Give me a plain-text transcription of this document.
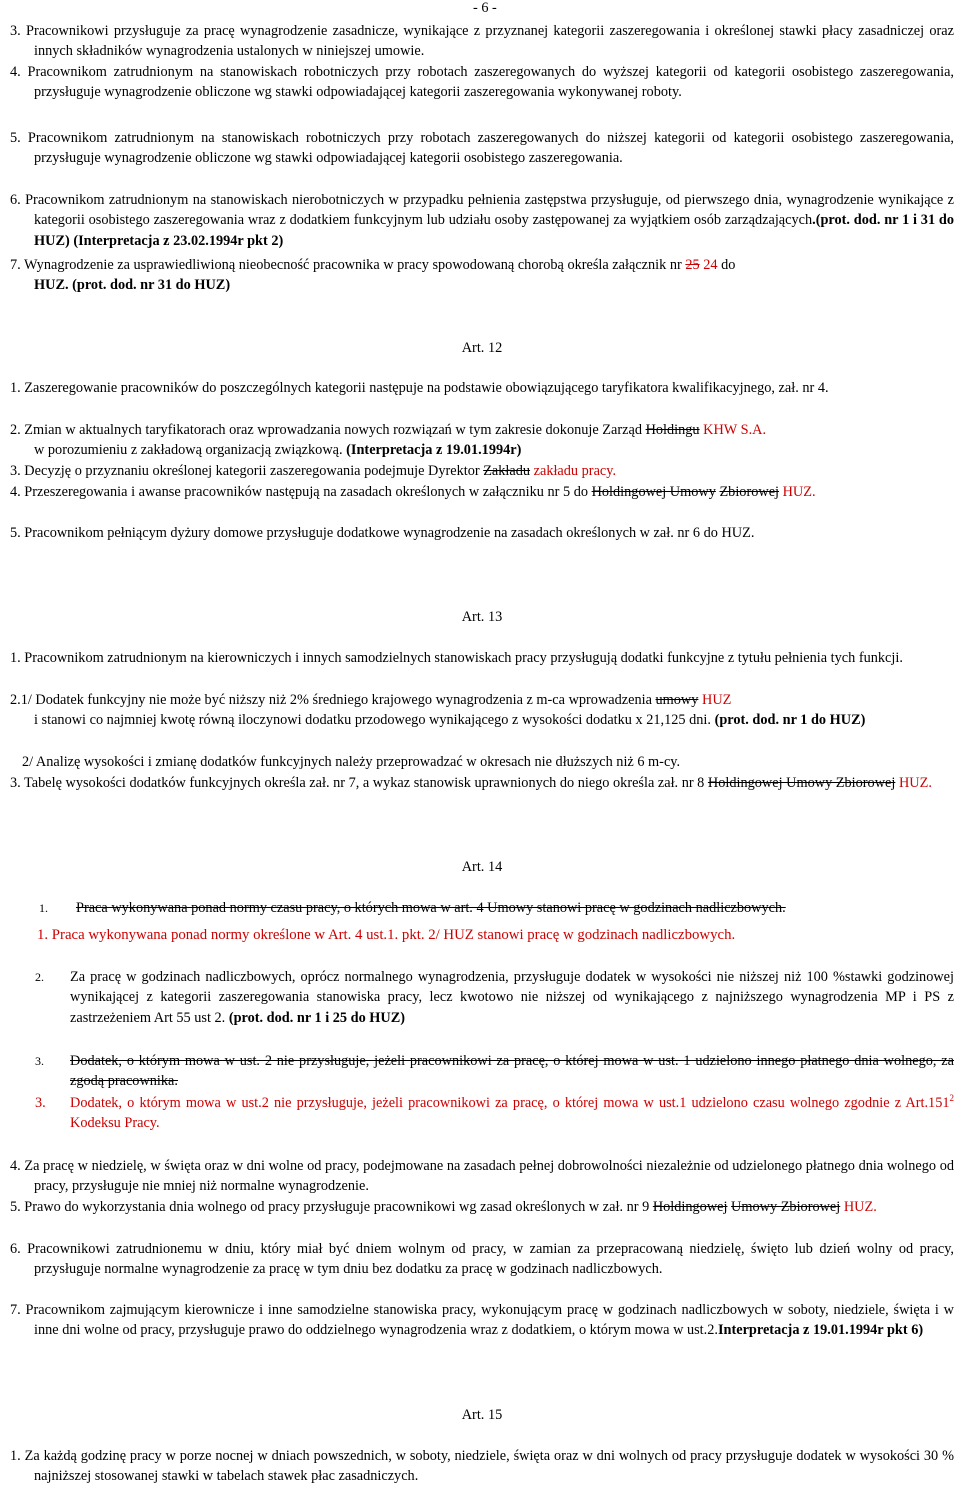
- 6 -

3. Pracownikowi przysługuje za pracę wynagrodzenie zasadnicze, wynikające z przyznanej kategorii zaszeregowania i określonej stawki płacy zasadniczej oraz innych składników wynagrodzenia ustalonych w niniejszej umowie.

4. Pracownikom zatrudnionym na stanowiskach robotniczych przy robotach zaszeregowanych do wyższej kategorii od kategorii osobistego zaszeregowania, przysługuje wynagrodzenie obliczone wg stawki odpowiadającej kategorii zaszeregowania wykonywanej roboty.

5. Pracownikom zatrudnionym na stanowiskach robotniczych przy robotach zaszeregowanych do niższej kategorii od kategorii osobistego zaszeregowania, przysługuje wynagrodzenie obliczone wg stawki odpowiadającej kategorii osobistego zaszeregowania.

6. Pracownikom zatrudnionym na stanowiskach nierobotniczych w przypadku pełnienia zastępstwa przysługuje, od pierwszego dnia, wynagrodzenie wynikające z kategorii osobistego zaszeregowania wraz z dodatkiem funkcyjnym lub udziału osoby zastępowanej za wyjątkiem osób zarządzających.(prot. dod. nr 1 i 31 do HUZ) (Interpretacja z 23.02.1994r pkt 2)

7. Wynagrodzenie za usprawiedliwioną nieobecność pracownika w pracy spowodowaną chorobą określa załącznik nr 25 24 do
HUZ. (prot. dod. nr 31 do HUZ)

Art. 12

1. Zaszeregowanie pracowników do poszczególnych kategorii następuje na podstawie obowiązującego taryfikatora kwalifikacyjnego, zał. nr 4.

2. Zmian w aktualnych taryfikatorach oraz wprowadzania nowych rozwiązań w tym zakresie dokonuje Zarząd Holdingu KHW S.A.
w porozumieniu z zakładową organizacją związkową. (Interpretacja z 19.01.1994r)

3. Decyzję o przyznaniu określonej kategorii zaszeregowania podejmuje Dyrektor Zakładu zakładu pracy.

4. Przeszeregowania i awanse pracowników następują na zasadach określonych w załączniku nr 5 do Holdingowej Umowy Zbiorowej HUZ.

5. Pracownikom pełniącym dyżury domowe przysługuje dodatkowe wynagrodzenie na zasadach określonych w zał. nr 6 do HUZ.

Art. 13

1. Pracownikom zatrudnionym na kierowniczych i innych samodzielnych stanowiskach pracy przysługują dodatki funkcyjne z tytułu pełnienia tych funkcji.

2.1/ Dodatek funkcyjny nie może być niższy niż 2% średniego krajowego wynagrodzenia z m-ca wprowadzenia umowy HUZ
i stanowi co najmniej kwotę równą iloczynowi dodatku przodowego wynikającego z wysokości dodatku x 21,125 dni. (prot. dod. nr 1 do HUZ)

2/ Analizę wysokości i zmianę dodatków funkcyjnych należy przeprowadzać w okresach nie dłuższych niż 6 m-cy.

3. Tabelę wysokości dodatków funkcyjnych określa zał. nr 7, a wykaz stanowisk uprawnionych do niego określa zał. nr 8 Holdingowej Umowy Zbiorowej HUZ.

Art. 14

1. Praca wykonywana ponad normy czasu pracy, o których mowa w art. 4 Umowy stanowi pracę w godzinach nadliczbowych.

1. Praca wykonywana ponad normy określone w Art. 4 ust.1. pkt. 2/ HUZ stanowi pracę w godzinach nadliczbowych.

2. Za pracę w godzinach nadliczbowych, oprócz normalnego wynagrodzenia, przysługuje dodatek w wysokości nie niższej niż 100 %stawki godzinowej wynikającej z kategorii zaszeregowania stanowiska pracy, lecz kwotowo nie niższej od wynikającego z najniższego wynagrodzenia MP i PS z zastrzeżeniem Art 55 ust 2. (prot. dod. nr 1 i 25 do HUZ)

3. Dodatek, o którym mowa w ust. 2 nie przysługuje, jeżeli pracownikowi za pracę, o której mowa w ust. 1 udzielono innego płatnego dnia wolnego, za zgodą pracownika.

3. Dodatek, o którym mowa w ust.2 nie przysługuje, jeżeli pracownikowi za pracę, o której mowa w ust.1 udzielono czasu wolnego zgodnie z Art.151$^2$ Kodeksu Pracy.

4. Za pracę w niedzielę, w święta oraz w dni wolne od pracy, podejmowane na zasadach pełnej dobrowolności niezależnie od udzielonego płatnego dnia wolnego od pracy, przysługuje nie mniej niż normalne wynagrodzenie.

5. Prawo do wykorzystania dnia wolnego od pracy przysługuje pracownikowi wg zasad określonych w zał. nr 9 Holdingowej Umowy Zbiorowej HUZ.

6. Pracownikowi zatrudnionemu w dniu, który miał być dniem wolnym od pracy, w zamian za przepracowaną niedzielę, święto lub dzień wolny od pracy, przysługuje normalne wynagrodzenie za pracę w tym dniu bez dodatku za pracę w godzinach nadliczbowych.

7. Pracownikom zajmującym kierownicze i inne samodzielne stanowiska pracy, wykonującym pracę w godzinach nadliczbowych w soboty, niedziele, święta i w inne dni wolne od pracy, przysługuje prawo do oddzielnego wynagrodzenia wraz z dodatkiem, o którym mowa w ust.2.Interpretacja z 19.01.1994r pkt 6)

Art. 15

1. Za każdą godzinę pracy w porze nocnej w dniach powszednich, w soboty, niedziele, święta oraz w dni wolnych od pracy przysługuje dodatek w wysokości 30 % najniższej stosowanej stawki w tabelach stawek płac zasadniczych.
